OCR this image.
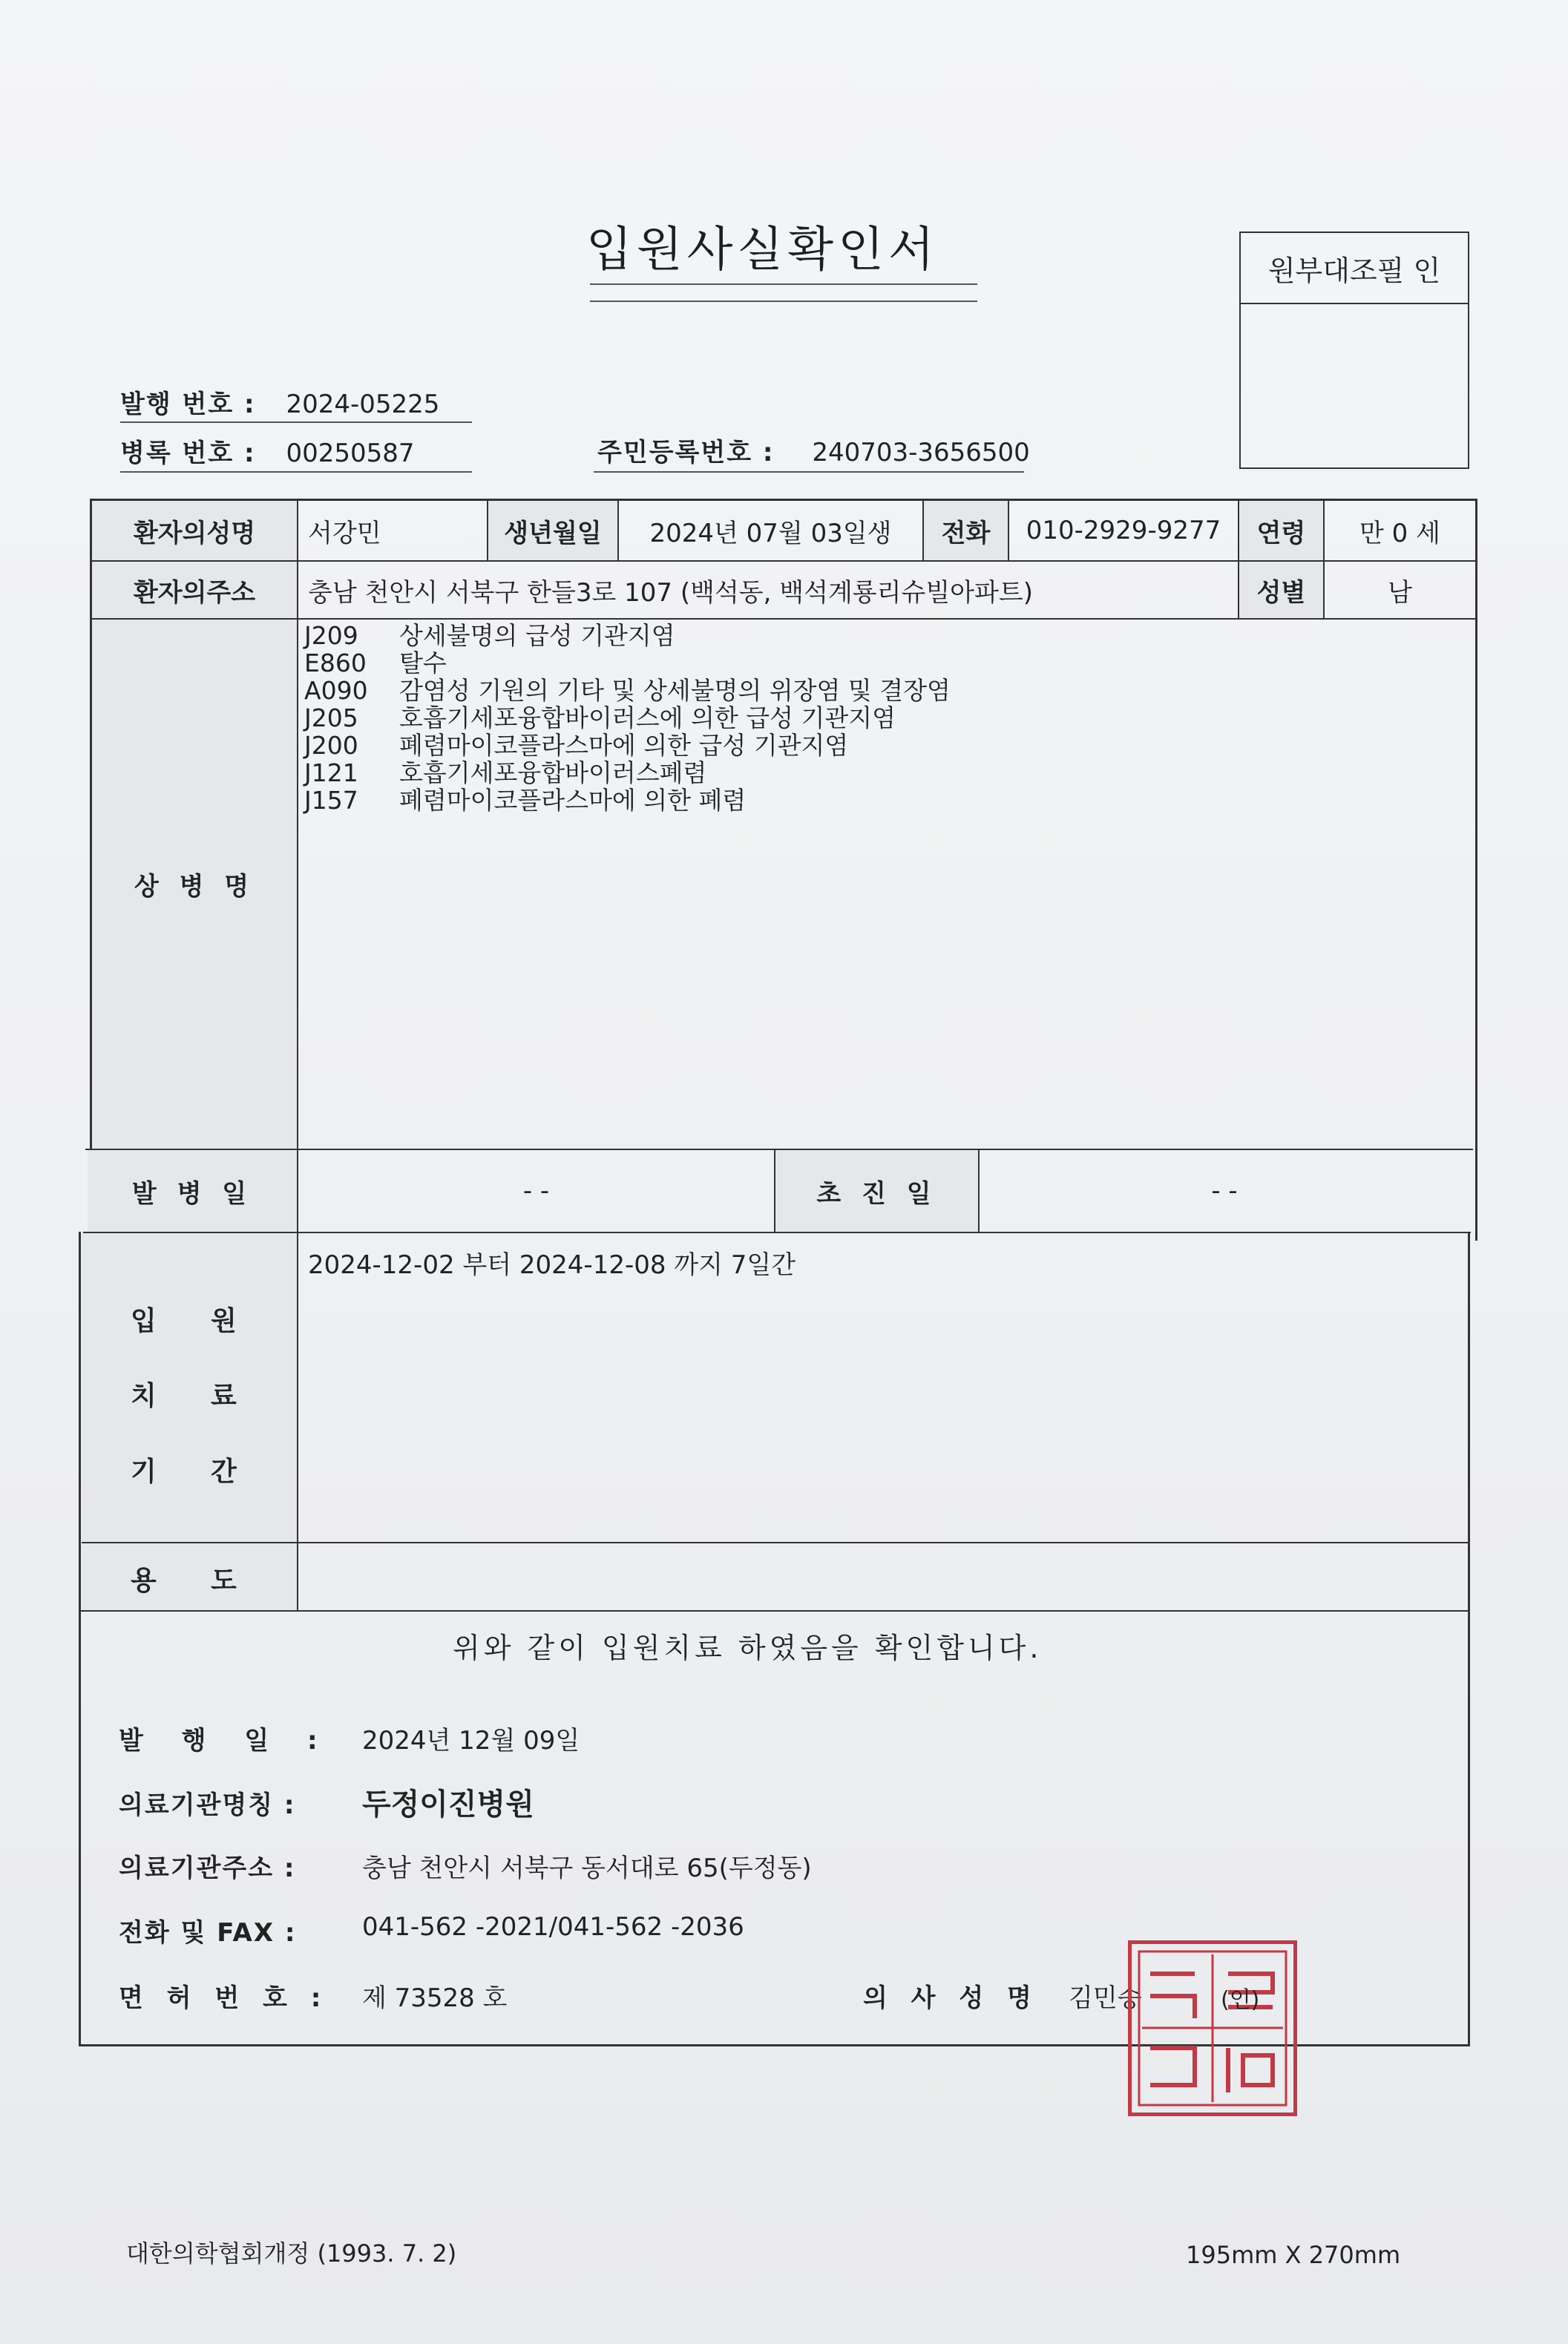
입원사실확인서	원부대조필 인
발행 번호 : 2024-05225
병록 번호 : 00250587	주민등록번호 : 240703-3656500
환자의성명	서강민	생년월일	2024년 07월 03일생	전화	010-2929-9277	연령	만 0 세
환자의주소	충남 천안시 서북구 한들3로 107 (백석동, 백석계룡리슈빌아파트)	성별	남
상 병 명
J209	상세불명의 급성 기관지염
E860	탈수
A090	감염성 기원의 기타 및 상세불명의 위장염 및 결장염
J205	호흡기세포융합바이러스에 의한 급성 기관지염
J200	폐렴마이코플라스마에 의한 급성 기관지염
J121	호흡기세포융합바이러스폐렴
J157	폐렴마이코플라스마에 의한 폐렴
발 병 일	- -	초 진 일	- -
입 원
치 료
기 간
2024-12-02 부터 2024-12-08 까지 7일간
용 도
위와 같이 입원치료 하였음을 확인합니다.
발 행 일 : 2024년 12월 09일
의료기관명칭 : 두정이진병원
의료기관주소 :	충남 천안시 서북구 동서대로 65(두정동)
전화 및 FAX :	041-562 -2021/041-562 -2036
면 허 번 호 : 제 73528 호	의 사 성 명 김민승	(인)
대한의학협회개정 (1993. 7. 2)	195mm X 270mm
